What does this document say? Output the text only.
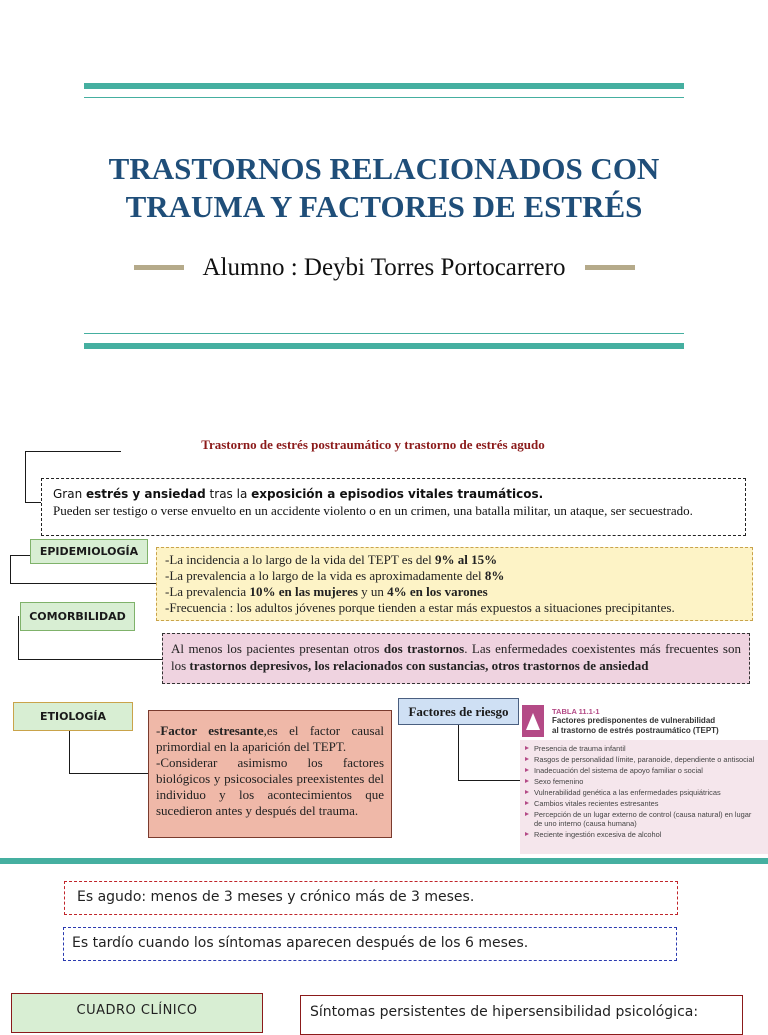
TRASTORNOS RELACIONADOS CON
TRAUMA Y FACTORES DE ESTRÉS
Alumno : Deybi Torres Portocarrero
Trastorno de estrés postraumático y trastorno de estrés agudo
Gran estrés y ansiedad tras la exposición a episodios vitales traumáticos.
Pueden ser testigo o verse envuelto en un accidente violento o en un crimen, una batalla militar, un ataque, ser secuestrado.
EPIDEMIOLOGÍA
-La incidencia a lo largo de la vida del TEPT es del 9% al 15%
-La prevalencia a lo largo de la vida es aproximadamente del 8%
-La prevalencia 10% en las mujeres y un 4% en los varones
-Frecuencia : los adultos jóvenes porque tienden a estar más expuestos a situaciones precipitantes.
COMORBILIDAD
Al menos los pacientes presentan otros dos trastornos. Las enfermedades coexistentes más frecuentes son los trastornos depresivos, los relacionados con sustancias, otros trastornos de ansiedad
ETIOLOGÍA
-Factor estresante,es el factor causal primordial en la aparición del TEPT.
-Considerar asimismo los factores biológicos y psicosociales preexistentes del individuo y los acontecimientos que sucedieron antes y después del trauma.
Factores de riesgo	TABLA 11.1-1
Factores predisponentes de vulnerabilidad
al trastorno de estrés postraumático (TEPT)
Presencia de trauma infantil
Rasgos de personalidad límite, paranoide, dependiente o antisocial
Inadecuación del sistema de apoyo familiar o social
Sexo femenino
Vulnerabilidad genética a las enfermedades psiquiátricas
Cambios vitales recientes estresantes
Percepción de un lugar externo de control (causa natural) en lugar de uno interno (causa humana)
Reciente ingestión excesiva de alcohol
Es agudo: menos de 3 meses y crónico más de 3 meses.
Es tardío cuando los síntomas aparecen después de los 6 meses.
CUADRO CLÍNICO	Síntomas persistentes de hipersensibilidad psicológica:
